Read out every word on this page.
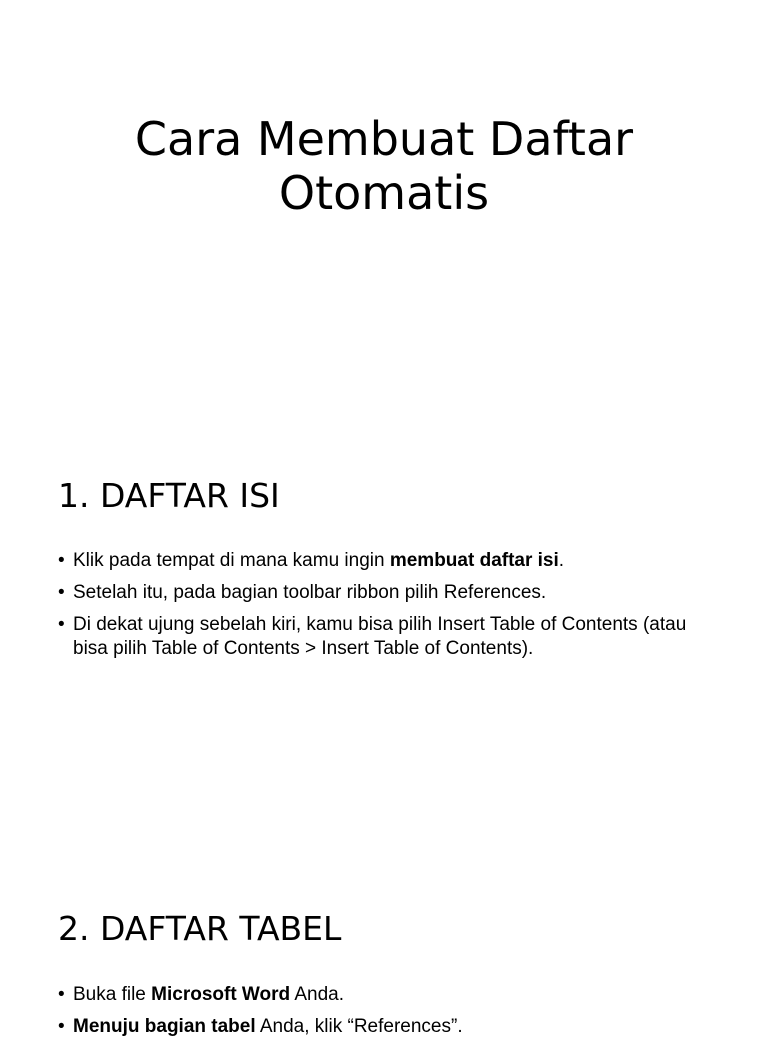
Cara Membuat Daftar
Otomatis
1. DAFTAR ISI
• Klik pada tempat di mana kamu ingin membuat daftar isi.
• Setelah itu, pada bagian toolbar ribbon pilih References.
• Di dekat ujung sebelah kiri, kamu bisa pilih Insert Table of Contents (atau bisa pilih Table of Contents > Insert Table of Contents).
2. DAFTAR TABEL
• Buka file Microsoft Word Anda.
• Menuju bagian tabel Anda, klik “References”.
